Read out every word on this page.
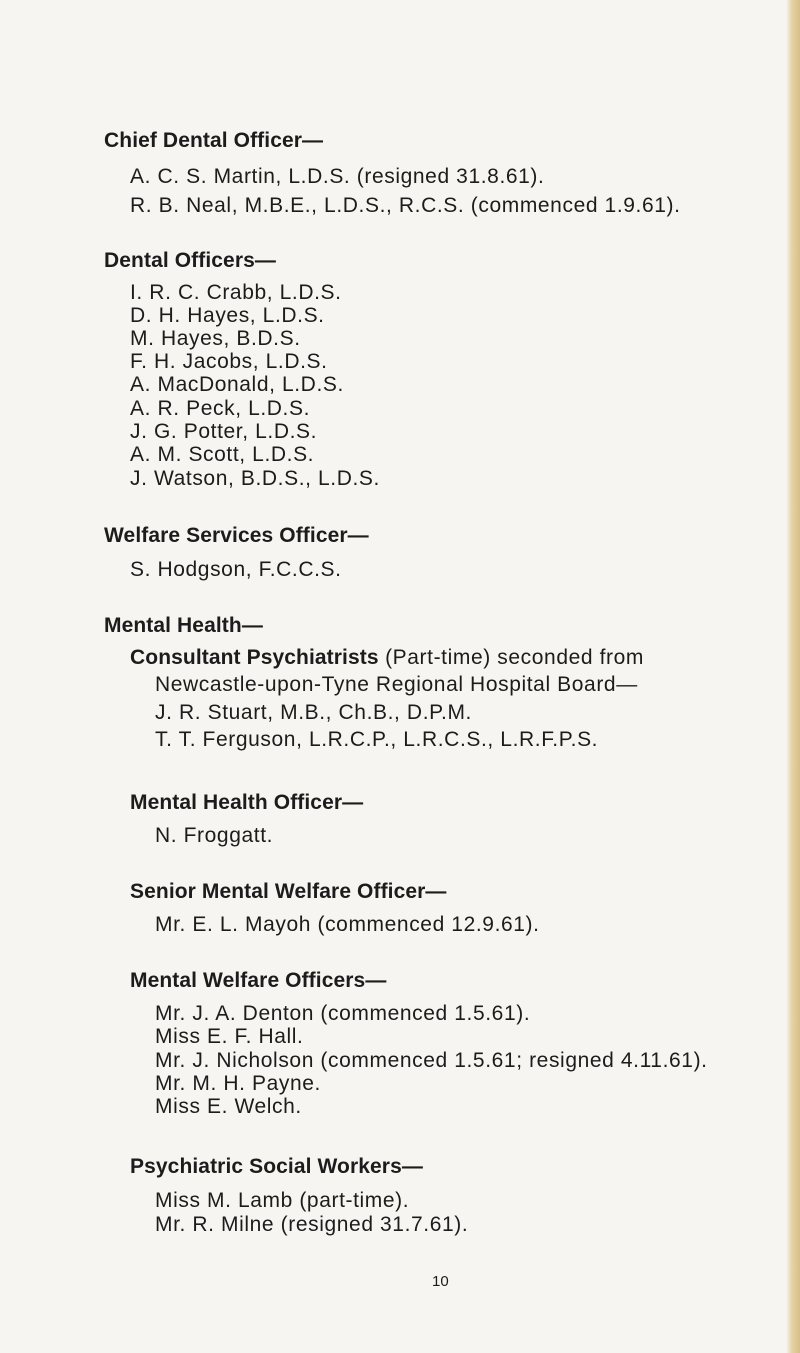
Chief Dental Officer—
A. C. S. Martin, L.D.S. (resigned 31.8.61).
R. B. Neal, M.B.E., L.D.S., R.C.S. (commenced 1.9.61).
Dental Officers—
I. R. C. Crabb, L.D.S.
D. H. Hayes, L.D.S.
M. Hayes, B.D.S.
F. H. Jacobs, L.D.S.
A. MacDonald, L.D.S.
A. R. Peck, L.D.S.
J. G. Potter, L.D.S.
A. M. Scott, L.D.S.
J. Watson, B.D.S., L.D.S.
Welfare Services Officer—
S. Hodgson, F.C.C.S.
Mental Health—
Consultant Psychiatrists (Part-time) seconded from
Newcastle-upon-Tyne Regional Hospital Board—
J. R. Stuart, M.B., Ch.B., D.P.M.
T. T. Ferguson, L.R.C.P., L.R.C.S., L.R.F.P.S.
Mental Health Officer—
N. Froggatt.
Senior Mental Welfare Officer—
Mr. E. L. Mayoh (commenced 12.9.61).
Mental Welfare Officers—
Mr. J. A. Denton (commenced 1.5.61).
Miss E. F. Hall.
Mr. J. Nicholson (commenced 1.5.61; resigned 4.11.61).
Mr. M. H. Payne.
Miss E. Welch.
Psychiatric Social Workers—
Miss M. Lamb (part-time).
Mr. R. Milne (resigned 31.7.61).
10
